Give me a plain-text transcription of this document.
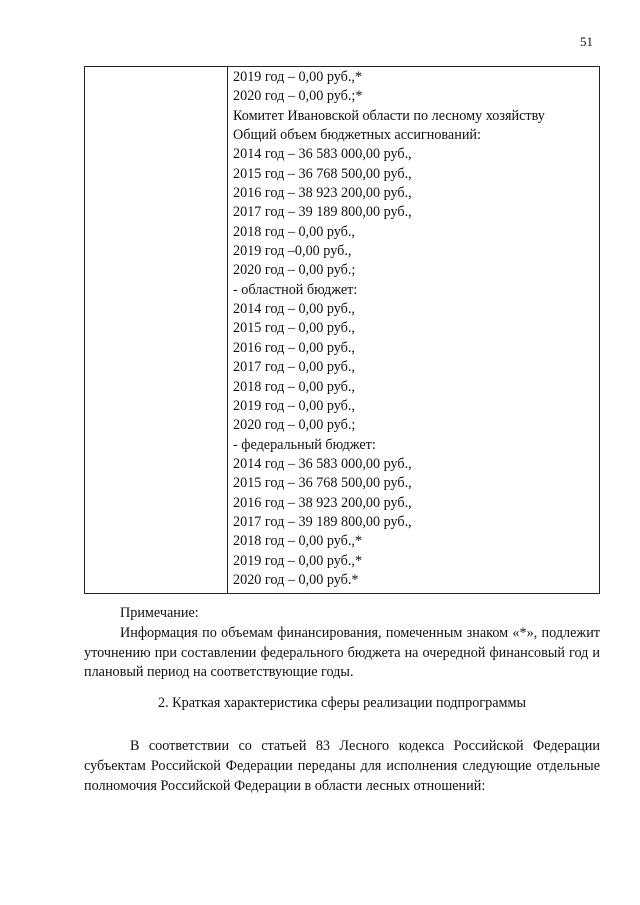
51
2019 год – 0,00 руб.,*
2020 год – 0,00 руб.;*
Комитет Ивановской области по лесному хозяйству
Общий объем бюджетных ассигнований:
2014 год – 36 583 000,00 руб.,
2015 год – 36 768 500,00 руб.,
2016 год – 38 923 200,00 руб.,
2017 год – 39 189 800,00 руб.,
2018 год – 0,00 руб.,
2019 год –0,00 руб.,
2020 год – 0,00 руб.;
- областной бюджет:
2014 год – 0,00 руб.,
2015 год – 0,00 руб.,
2016 год – 0,00 руб.,
2017 год – 0,00 руб.,
2018 год – 0,00 руб.,
2019 год – 0,00 руб.,
2020 год – 0,00 руб.;
- федеральный бюджет:
2014 год – 36 583 000,00 руб.,
2015 год – 36 768 500,00 руб.,
2016 год – 38 923 200,00 руб.,
2017 год – 39 189 800,00 руб.,
2018 год – 0,00 руб.,*
2019 год – 0,00 руб.,*
2020 год – 0,00 руб.*

Примечание:

Информация по объемам финансирования, помеченным знаком «*», подлежит уточнению при составлении федерального бюджета на очередной финансовый год и плановый период на соответствующие годы.

2. Краткая характеристика сферы реализации подпрограммы

В соответствии со статьей 83 Лесного кодекса Российской Федерации субъектам Российской Федерации переданы для исполнения следующие отдельные полномочия Российской Федерации в области лесных отношений:
